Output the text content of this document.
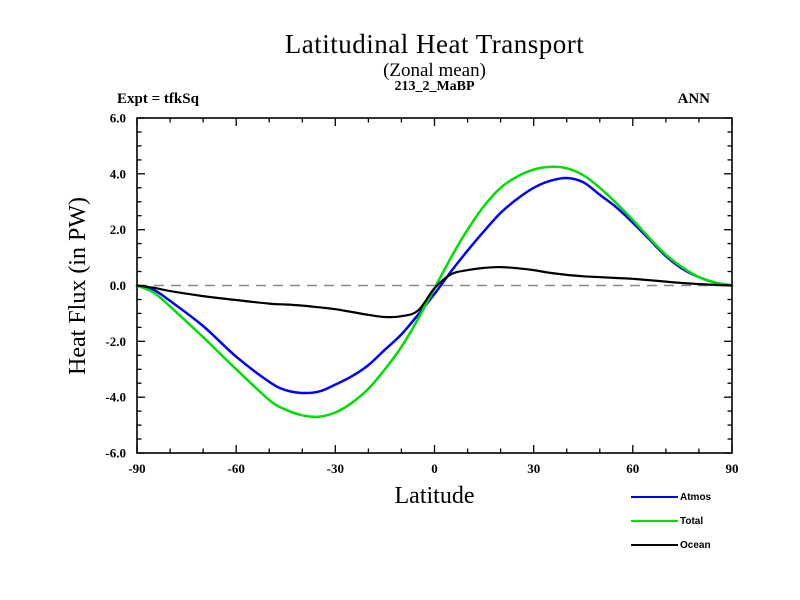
Latitudinal Heat Transport
(Zonal mean)
213_2_MaBP
Expt = tfkSq	ANN
-90	-60	-30	0	30	60	90
-6.0
-4.0
-2.0
0.0
2.0
4.0
6.0
Heat Flux (in PW)
Latitude	Atmos
Total
Ocean
